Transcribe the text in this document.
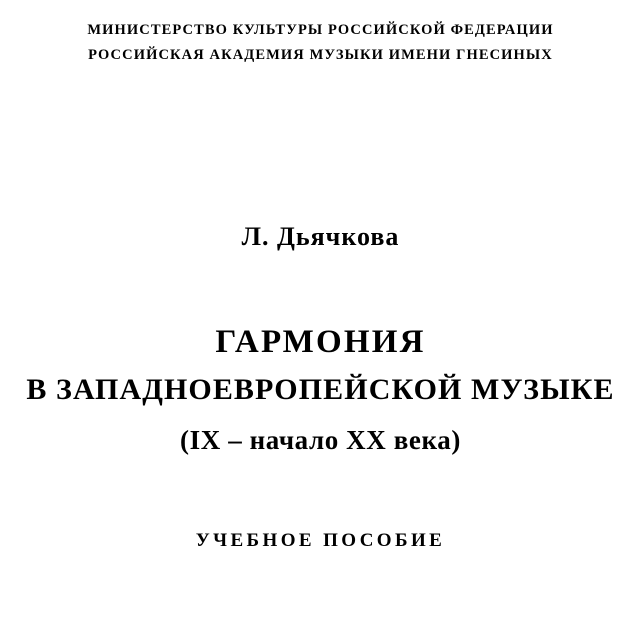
МИНИСТЕРСТВО КУЛЬТУРЫ РОССИЙСКОЙ ФЕДЕРАЦИИ
РОССИЙСКАЯ АКАДЕМИЯ МУЗЫКИ ИМЕНИ ГНЕСИНЫХ
Л. Дьячкова
ГАРМОНИЯ
В ЗАПАДНОЕВРОПЕЙСКОЙ МУЗЫКЕ
(IX – начало XX века)
УЧЕБНОЕ ПОСОБИЕ
